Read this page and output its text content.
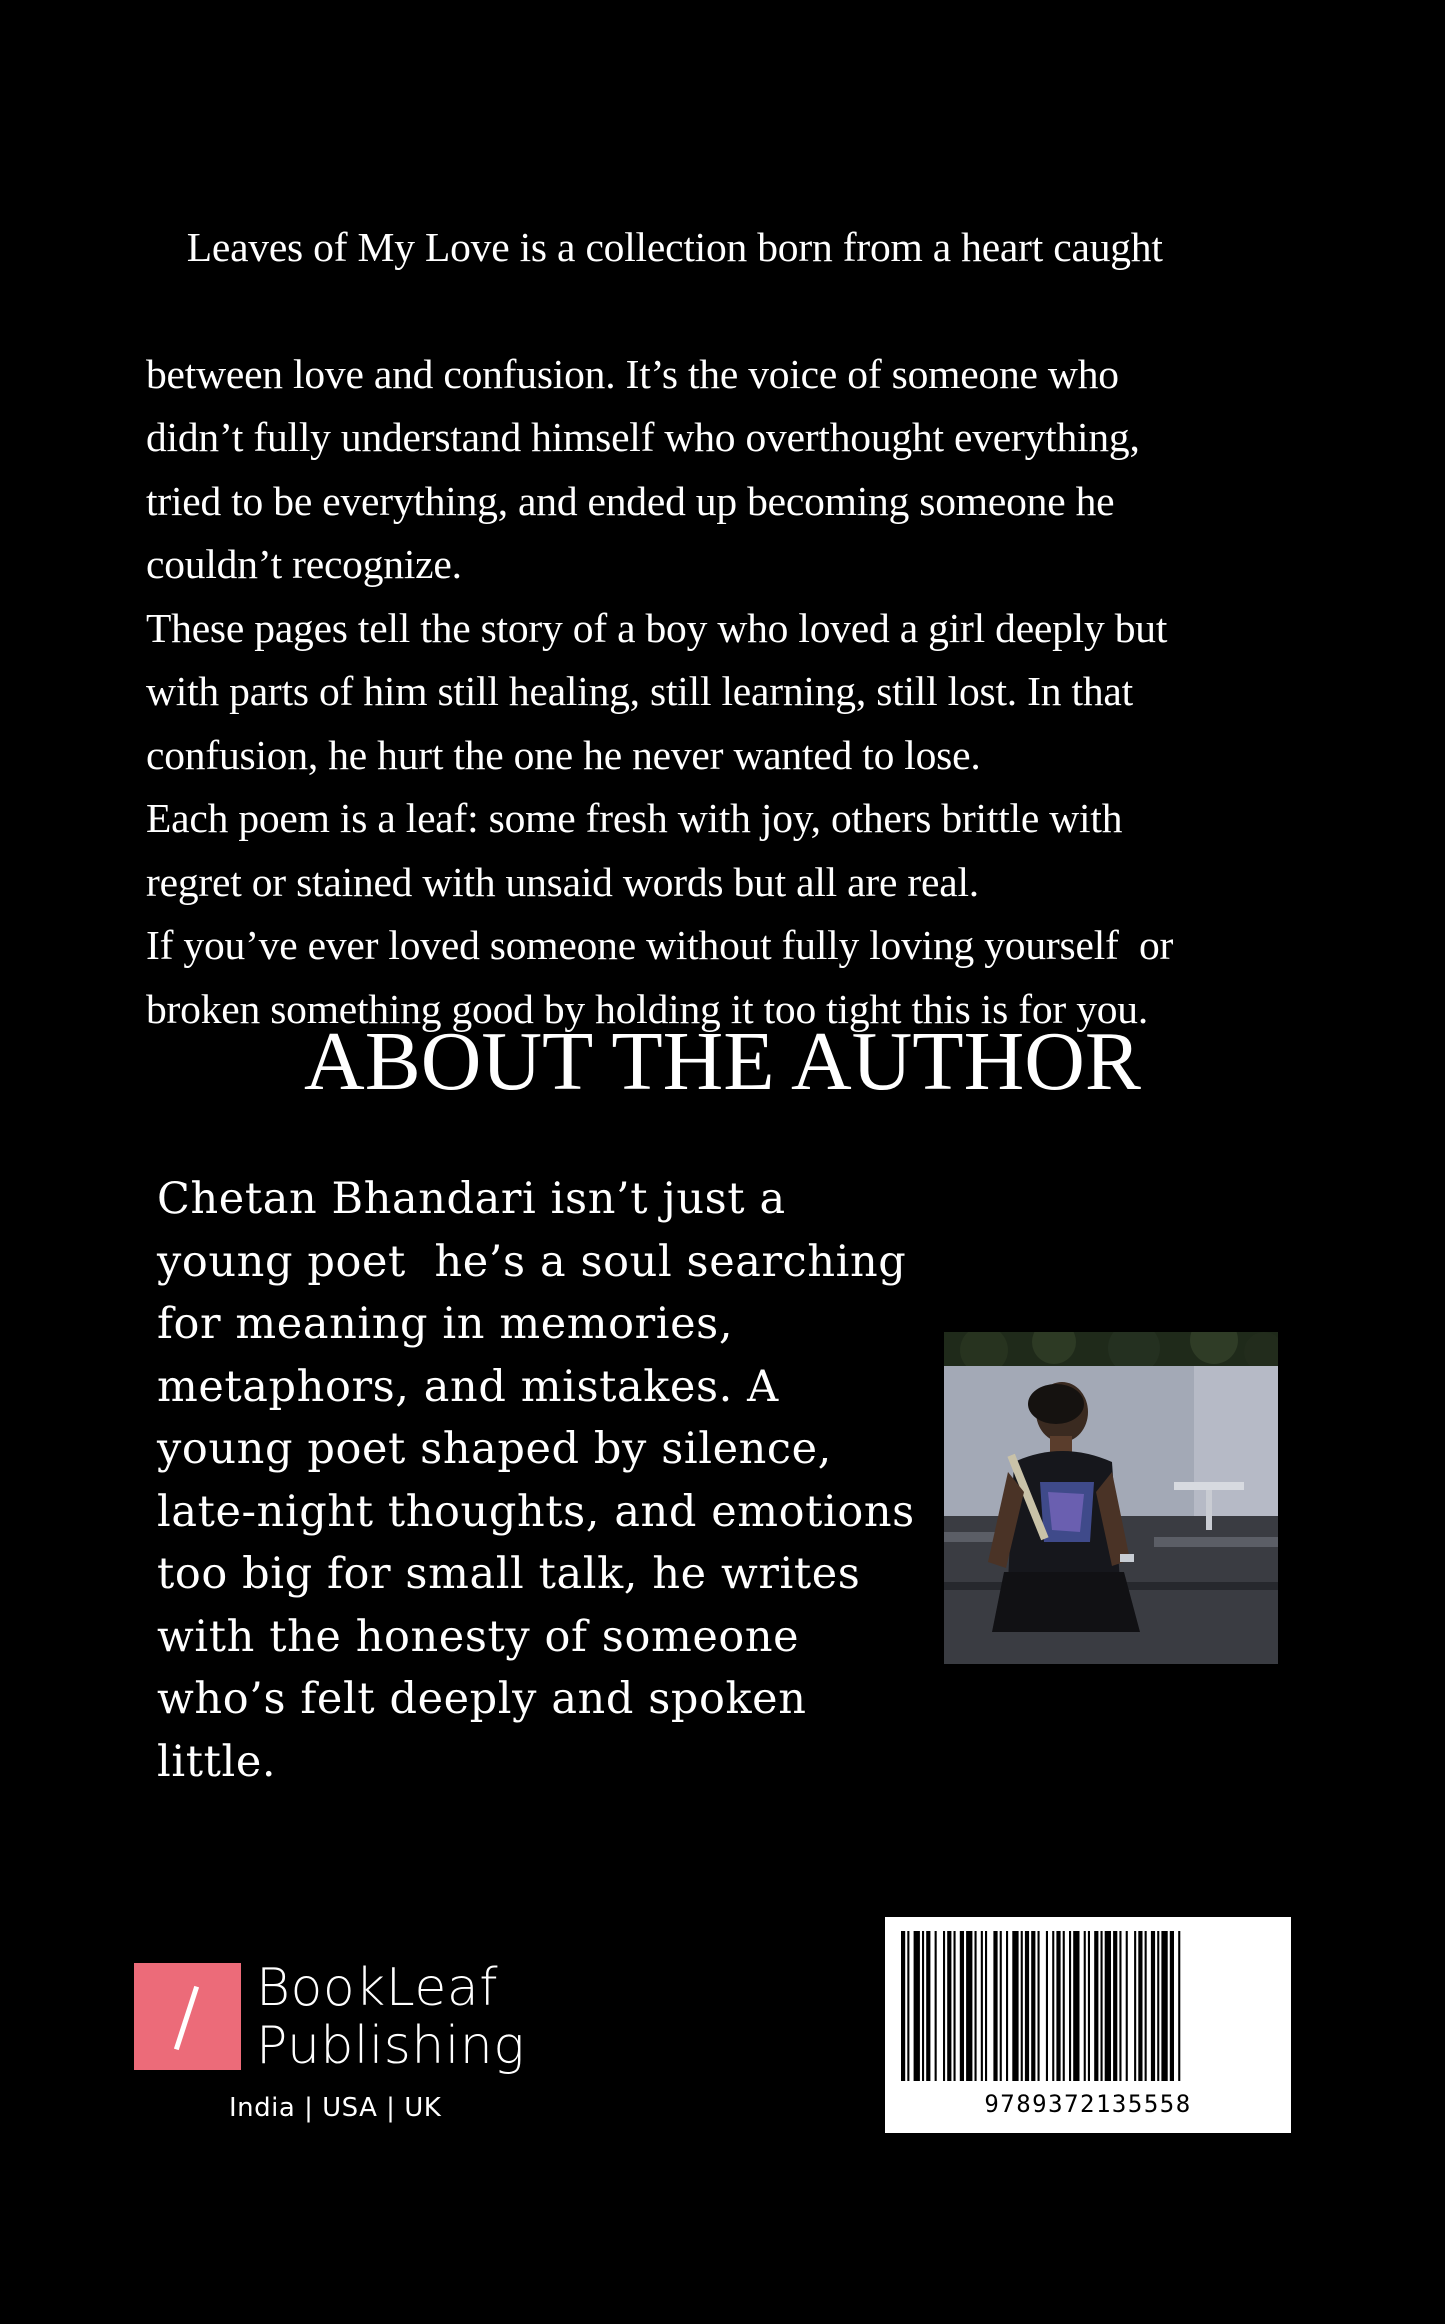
Leaves of My Love is a collection born from a heart caught

between love and confusion. It’s the voice of someone who

didn’t fully understand himself who overthought everything,

tried to be everything, and ended up becoming someone he

couldn’t recognize.

These pages tell the story of a boy who loved a girl deeply but

with parts of him still healing, still learning, still lost. In that

confusion, he hurt the one he never wanted to lose.

Each poem is a leaf: some fresh with joy, others brittle with

regret or stained with unsaid words but all are real.

If you’ve ever loved someone without fully loving yourself  or

broken something good by holding it too tight this is for you.

ABOUT THE AUTHOR
Chetan Bhandari isn’t just a
young poet  he’s a soul searching
for meaning in memories,
metaphors, and mistakes. A
young poet shaped by silence,
late-night thoughts, and emotions
too big for small talk, he writes
with the honesty of someone
who’s felt deeply and spoken
little.
BookLeaf
Publishing
India | USA | UK	9789372135558
